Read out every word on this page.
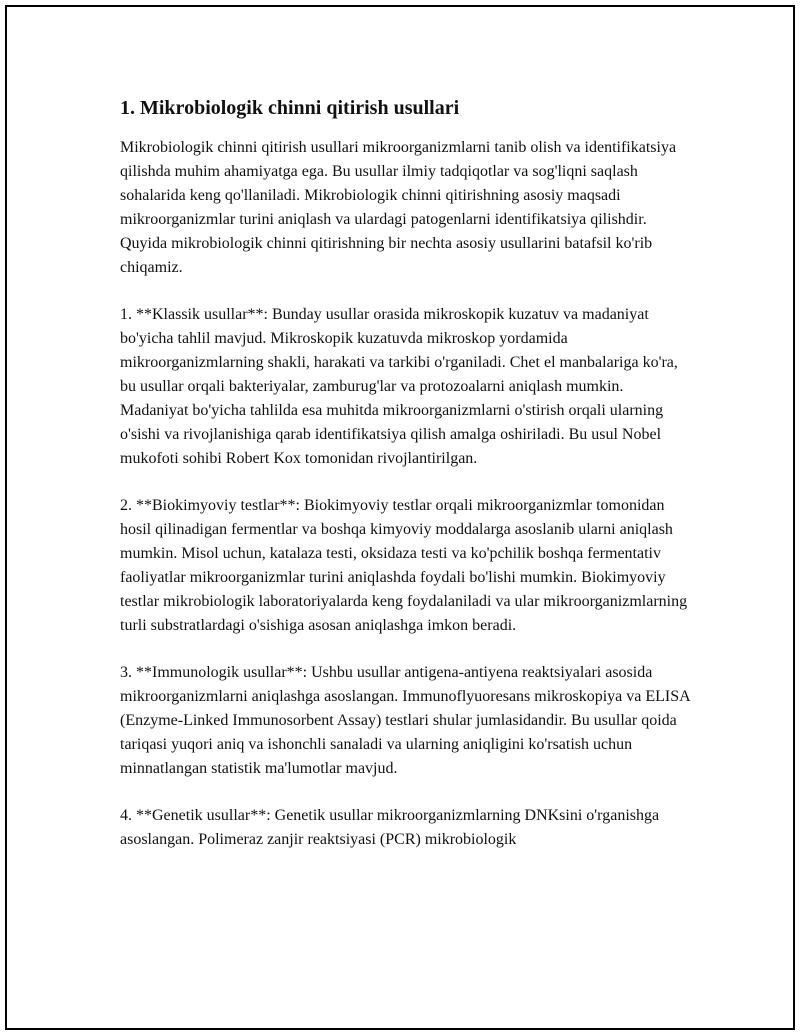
1. Mikrobiologik chinni qitirish usullari

Mikrobiologik chinni qitirish usullari mikroorganizmlarni tanib olish va identifikatsiya qilishda muhim ahamiyatga ega. Bu usullar ilmiy tadqiqotlar va sog'liqni saqlash sohalarida keng qo'llaniladi. Mikrobiologik chinni qitirishning asosiy maqsadi mikroorganizmlar turini aniqlash va ulardagi patogenlarni identifikatsiya qilishdir. Quyida mikrobiologik chinni qitirishning bir nechta asosiy usullarini batafsil ko'rib chiqamiz.

1. **Klassik usullar**: Bunday usullar orasida mikroskopik kuzatuv va madaniyat bo'yicha tahlil mavjud. Mikroskopik kuzatuvda mikroskop yordamida mikroorganizmlarning shakli, harakati va tarkibi o'rganiladi. Chet el manbalariga ko'ra, bu usullar orqali bakteriyalar, zamburug'lar va protozoalarni aniqlash mumkin. Madaniyat bo'yicha tahlilda esa muhitda mikroorganizmlarni o'stirish orqali ularning o'sishi va rivojlanishiga qarab identifikatsiya qilish amalga oshiriladi. Bu usul Nobel mukofoti sohibi Robert Kox tomonidan rivojlantirilgan.

2. **Biokimyoviy testlar**: Biokimyoviy testlar orqali mikroorganizmlar tomonidan hosil qilinadigan fermentlar va boshqa kimyoviy moddalarga asoslanib ularni aniqlash mumkin. Misol uchun, katalaza testi, oksidaza testi va ko'pchilik boshqa fermentativ faoliyatlar mikroorganizmlar turini aniqlashda foydali bo'lishi mumkin. Biokimyoviy testlar mikrobiologik laboratoriyalarda keng foydalaniladi va ular mikroorganizmlarning turli substratlardagi o'sishiga asosan aniqlashga imkon beradi.

3. **Immunologik usullar**: Ushbu usullar antigena-antiyena reaktsiyalari asosida mikroorganizmlarni aniqlashga asoslangan. Immunoflyuoresans mikroskopiya va ELISA (Enzyme-Linked Immunosorbent Assay) testlari shular jumlasidandir. Bu usullar qoida tariqasi yuqori aniq va ishonchli sanaladi va ularning aniqligini ko'rsatish uchun minnatlangan statistik ma'lumotlar mavjud.

4. **Genetik usullar**: Genetik usullar mikroorganizmlarning DNKsini o'rganishga asoslangan. Polimeraz zanjir reaktsiyasi (PCR) mikrobiologik
